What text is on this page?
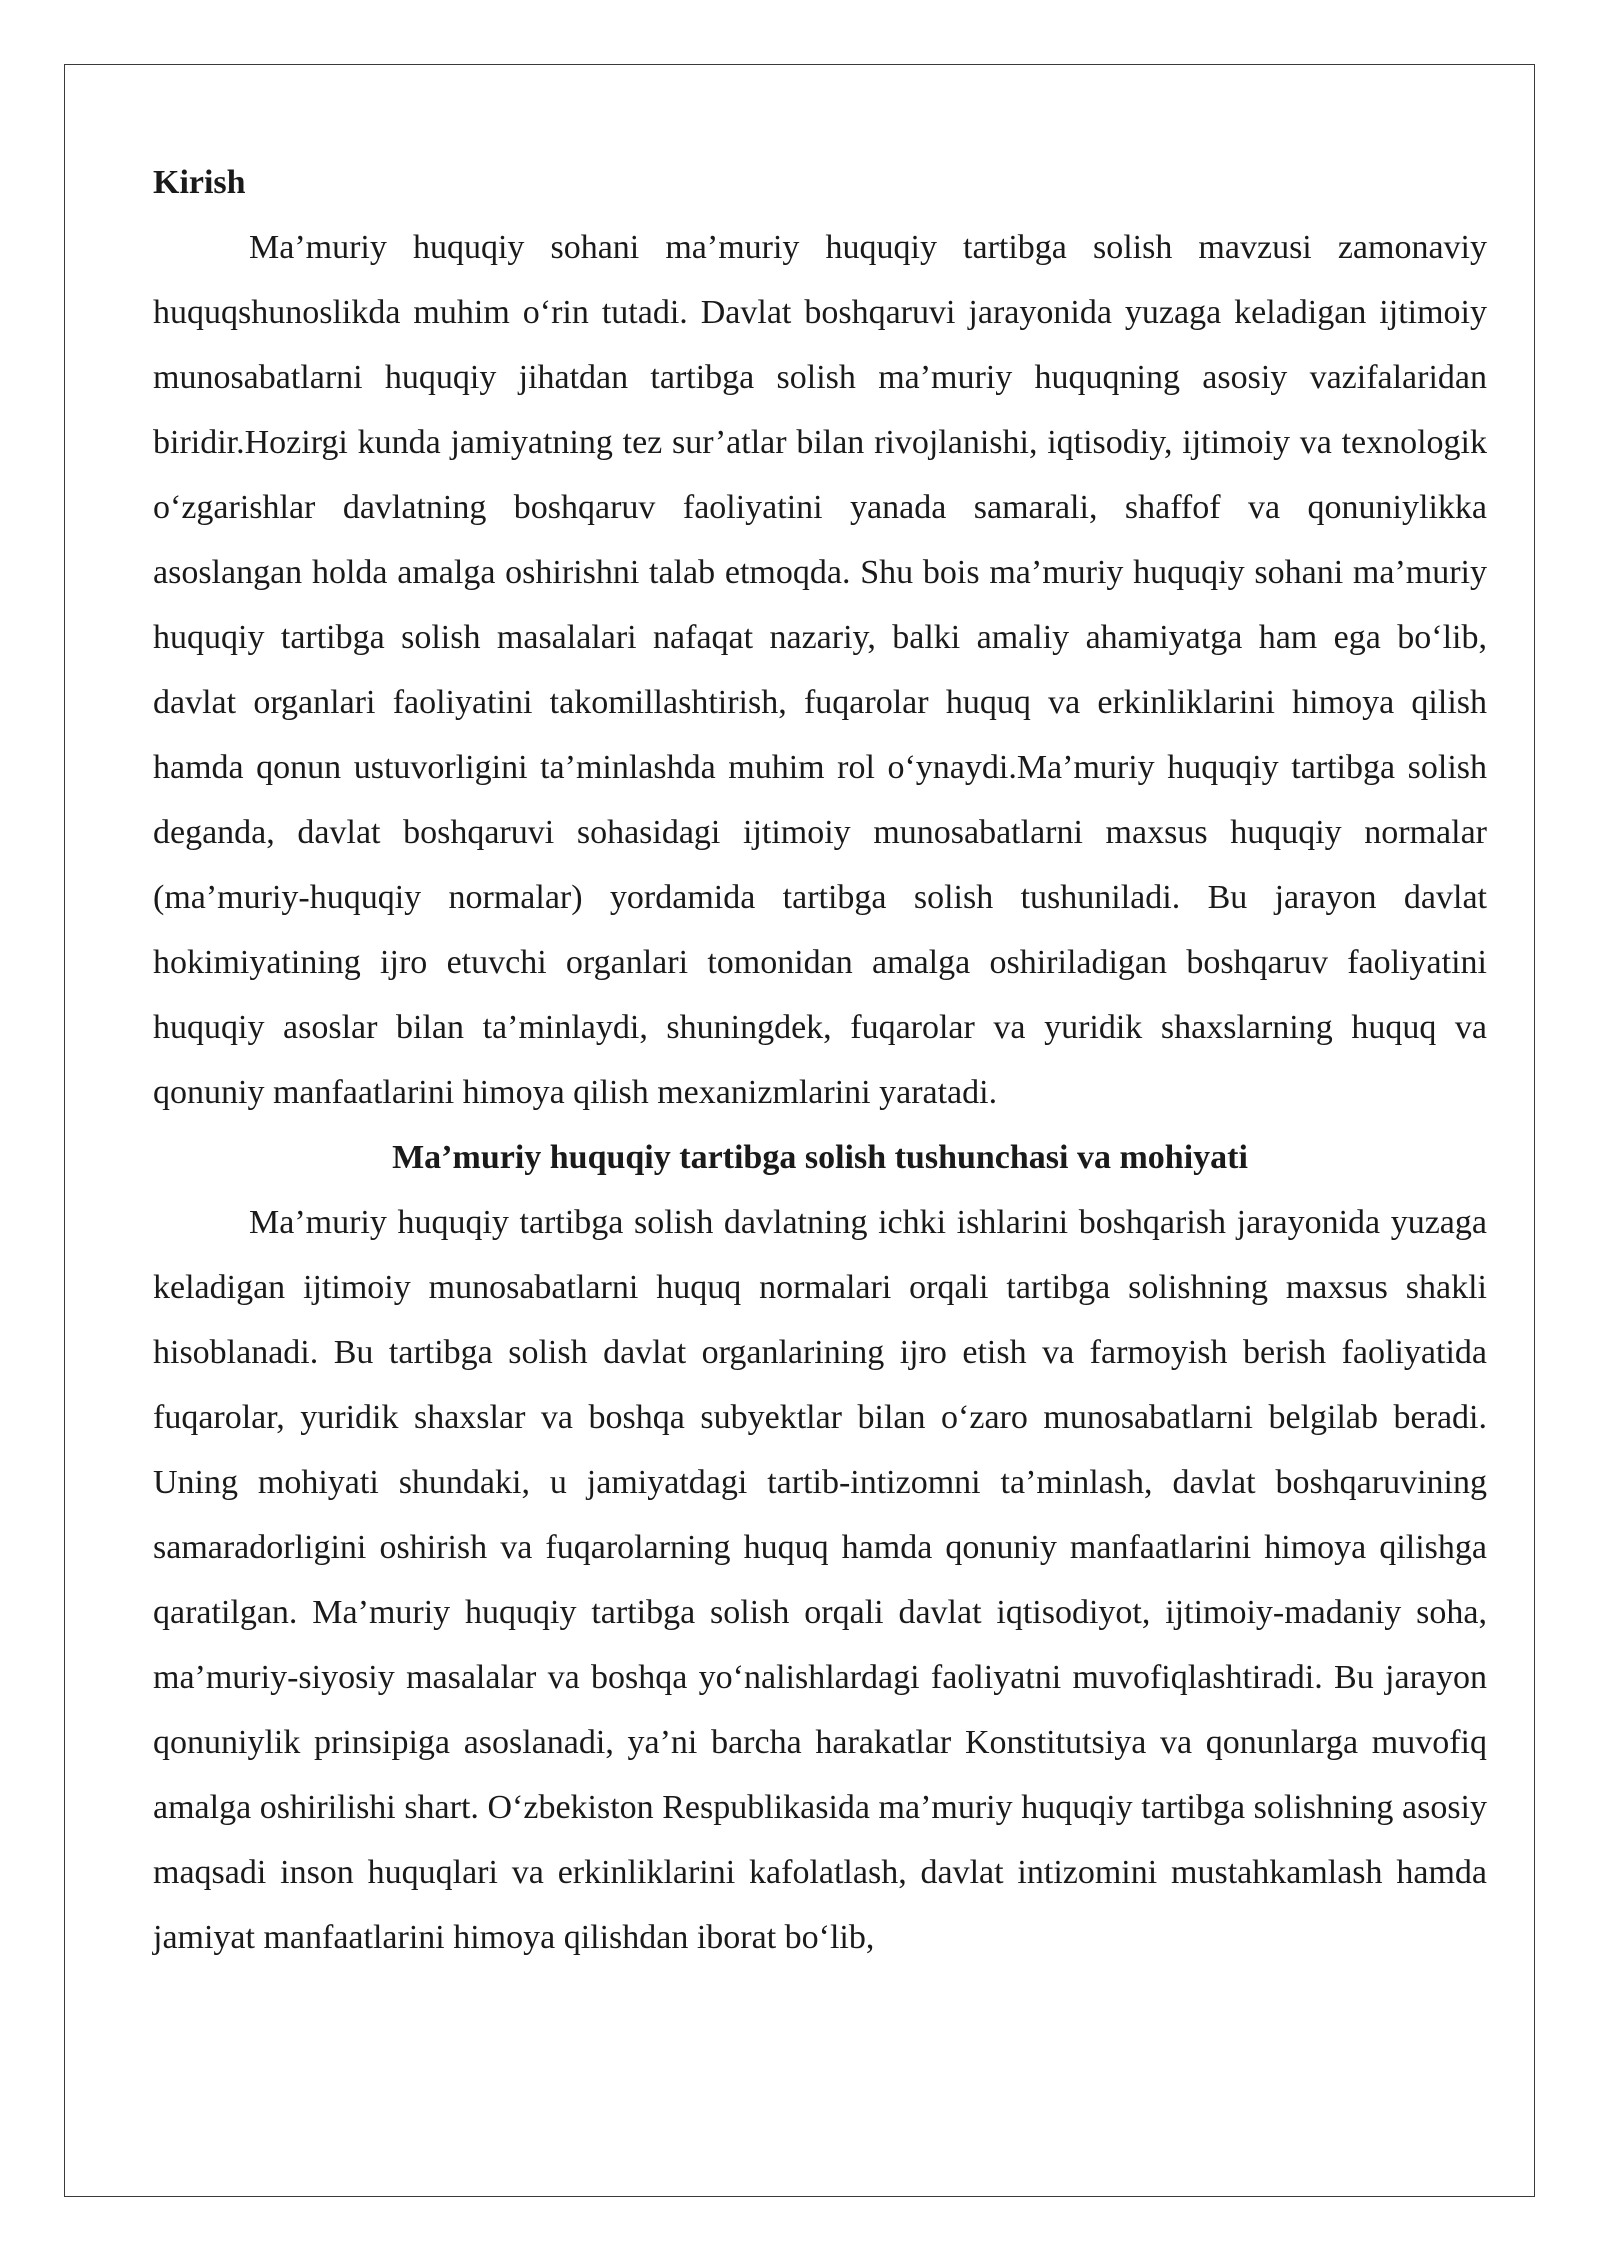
Kirish

Ma’muriy huquqiy sohani ma’muriy huquqiy tartibga solish mavzusi zamonaviy huquqshunoslikda muhim o‘rin tutadi. Davlat boshqaruvi jarayonida yuzaga keladigan ijtimoiy munosabatlarni huquqiy jihatdan tartibga solish ma’muriy huquqning asosiy vazifalaridan biridir.Hozirgi kunda jamiyatning tez sur’atlar bilan rivojlanishi, iqtisodiy, ijtimoiy va texnologik o‘zgarishlar davlatning boshqaruv faoliyatini yanada samarali, shaffof va qonuniylikka asoslangan holda amalga oshirishni talab etmoqda. Shu bois ma’muriy huquqiy sohani ma’muriy huquqiy tartibga solish masalalari nafaqat nazariy, balki amaliy ahamiyatga ham ega bo‘lib, davlat organlari faoliyatini takomillashtirish, fuqarolar huquq va erkinliklarini himoya qilish hamda qonun ustuvorligini ta’minlashda muhim rol o‘ynaydi.Ma’muriy huquqiy tartibga solish deganda, davlat boshqaruvi sohasidagi ijtimoiy munosabatlarni maxsus huquqiy normalar (ma’muriy-huquqiy normalar) yordamida tartibga solish tushuniladi. Bu jarayon davlat hokimiyatining ijro etuvchi organlari tomonidan amalga oshiriladigan boshqaruv faoliyatini huquqiy asoslar bilan ta’minlaydi, shuningdek, fuqarolar va yuridik shaxslarning huquq va qonuniy manfaatlarini himoya qilish mexanizmlarini yaratadi.

Ma’muriy huquqiy tartibga solish tushunchasi va mohiyati

Ma’muriy huquqiy tartibga solish davlatning ichki ishlarini boshqarish jarayonida yuzaga keladigan ijtimoiy munosabatlarni huquq normalari orqali tartibga solishning maxsus shakli hisoblanadi. Bu tartibga solish davlat organlarining ijro etish va farmoyish berish faoliyatida fuqarolar, yuridik shaxslar va boshqa subyektlar bilan o‘zaro munosabatlarni belgilab beradi. Uning mohiyati shundaki, u jamiyatdagi tartib-intizomni ta’minlash, davlat boshqaruvining samaradorligini oshirish va fuqarolarning huquq hamda qonuniy manfaatlarini himoya qilishga qaratilgan. Ma’muriy huquqiy tartibga solish orqali davlat iqtisodiyot, ijtimoiy-madaniy soha, ma’muriy-siyosiy masalalar va boshqa yo‘nalishlardagi faoliyatni muvofiqlashtiradi. Bu jarayon qonuniylik prinsipiga asoslanadi, ya’ni barcha harakatlar Konstitutsiya va qonunlarga muvofiq amalga oshirilishi shart. O‘zbekiston Respublikasida ma’muriy huquqiy tartibga solishning asosiy maqsadi inson huquqlari va erkinliklarini kafolatlash, davlat intizomini mustahkamlash hamda jamiyat manfaatlarini himoya qilishdan iborat bo‘lib,
